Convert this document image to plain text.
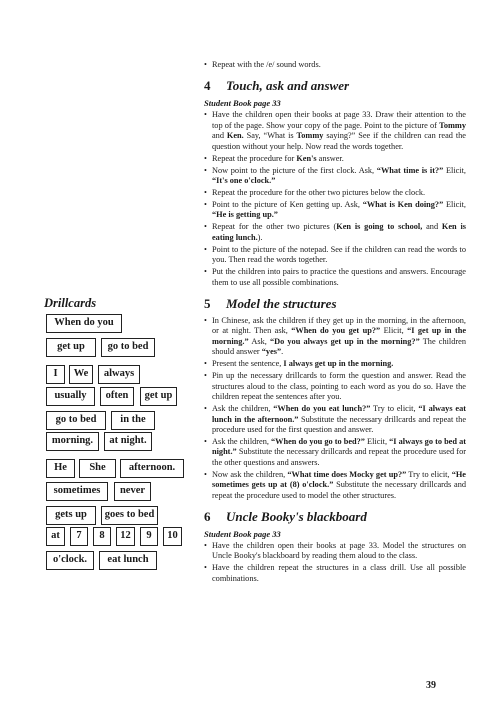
Drillcards
When do you
get up	go to bed
I	We	always
usually	often	get up
go to bed	in the
morning.	at night.
He	She	afternoon.
sometimes	never
gets up	goes to bed
at	7	8	12	9	10
o'clock.	eat lunch
• Repeat with the /e/ sound words.
4 Touch, ask and answer
Student Book page 33
• Have the children open their books at page 33. Draw their attention to the top of the page. Show your copy of the page. Point to the picture of Tommy and Ken. Say, “What is Tommy saying?” See if the children can read the question without your help. Now read the words together.
• Repeat the procedure for Ken's answer.
• Now point to the picture of the first clock. Ask, “What time is it?” Elicit, “It's one o'clock.”
• Repeat the procedure for the other two pictures below the clock.
• Point to the picture of Ken getting up. Ask, “What is Ken doing?” Elicit, “He is getting up.”
• Repeat for the other two pictures (Ken is going to school, and Ken is eating lunch.).
• Point to the picture of the notepad. See if the children can read the words to you. Then read the words together.
• Put the children into pairs to practice the questions and answers. Encourage them to use all possible combinations.
5 Model the structures
• In Chinese, ask the children if they get up in the morning, in the afternoon, or at night. Then ask, “When do you get up?” Elicit, “I get up in the morning.” Ask, “Do you always get up in the morning?” The children should answer “yes”.
• Present the sentence, I always get up in the morning.
• Pin up the necessary drillcards to form the question and answer. Read the structures aloud to the class, pointing to each word as you do so. Have the children repeat the sentences after you.
• Ask the children, “When do you eat lunch?” Try to elicit, “I always eat lunch in the afternoon.” Substitute the necessary drillcards and repeat the procedure used for the first question and answer.
• Ask the children, “When do you go to bed?” Elicit, “I always go to bed at night.” Substitute the necessary drillcards and repeat the procedure used for the other questions and answers.
• Now ask the children, “What time does Mocky get up?” Try to elicit, “He sometimes gets up at (8) o'clock.” Substitute the necessary drillcards and repeat the procedure used to model the other structures.
6 Uncle Booky's blackboard
Student Book page 33
• Have the children open their books at page 33. Model the structures on Uncle Booky's blackboard by reading them aloud to the class.
• Have the children repeat the structures in a class drill. Use all possible combinations.
39
